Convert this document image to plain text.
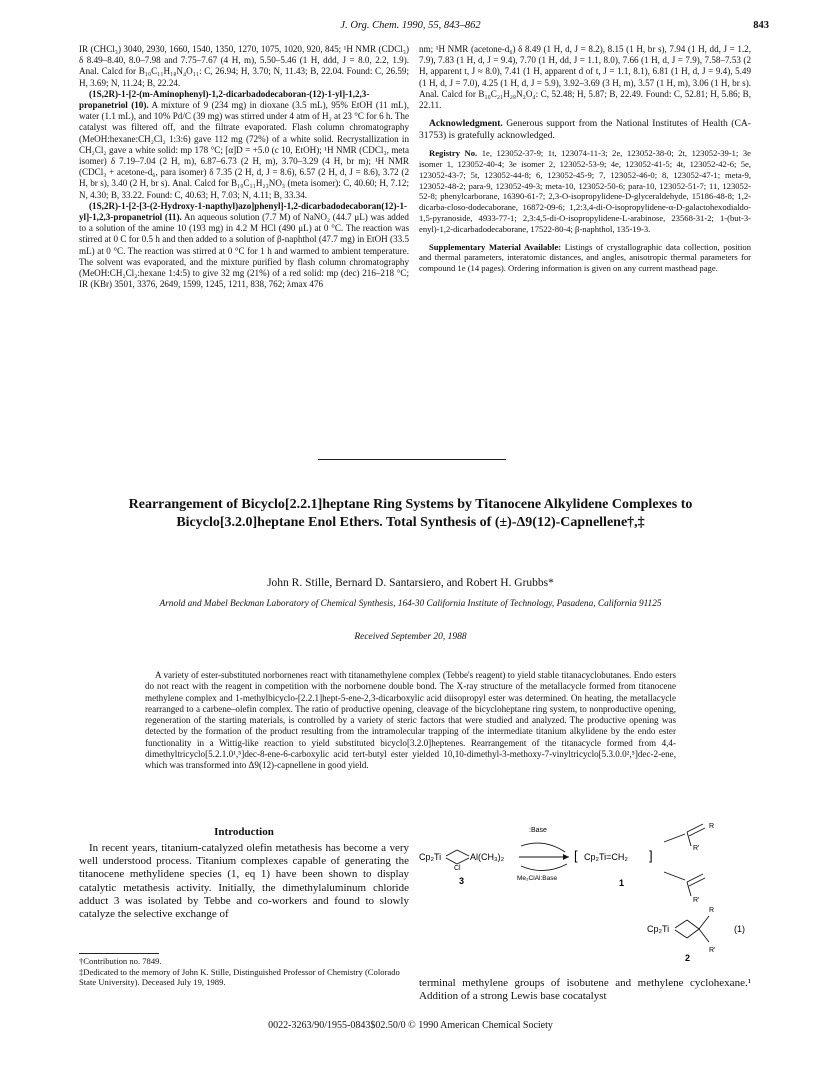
J. Org. Chem. 1990, 55, 843–862	843

IR (CHCl₃) 3040, 2930, 1660, 1540, 1350, 1270, 1075, 1020, 920, 845; ¹H NMR (CDCl₃) δ 8.49–8.40, 8.0–7.98 and 7.75–7.67 (4 H, m), 5.50–5.46 (1 H, ddd, J = 8.0, 2.2, 1.9). Anal. Calcd for B₁₀C₁₁H₁₈N₄O₁₁: C, 26.94; H, 3.70; N, 11.43; B, 22.04. Found: C, 26.59; H, 3.69; N, 11.24; B, 22.24.

(1S,2R)-1-[2-(m-Aminophenyl)-1,2-dicarbadodecaboran-(12)-1-yl]-1,2,3-propanetriol (10). A mixture of 9 (234 mg) in dioxane (3.5 mL), 95% EtOH (11 mL), water (1.1 mL), and 10% Pd/C (39 mg) was stirred under 4 atm of H₂ at 23 °C for 6 h. The catalyst was filtered off, and the filtrate evaporated. Flash column chromatography (MeOH:hexane:CH₂Cl₂ 1:3:6) gave 112 mg (72%) of a white solid. Recrystallization in CH₂Cl₂ gave a white solid: mp 178 °C; [α]D = +5.0 (c 10, EtOH); ¹H NMR (CDCl₃, meta isomer) δ 7.19–7.04 (2 H, m), 6.87–6.73 (2 H, m), 3.70–3.29 (4 H, br m); ¹H NMR (CDCl₃ + acetone-d₆, para isomer) δ 7.35 (2 H, d, J = 8.6), 6.57 (2 H, d, J = 8.6), 3.72 (2 H, br s), 3.40 (2 H, br s). Anal. Calcd for B₁₀C₁₁H₂₃NO₃ (meta isomer): C, 40.60; H, 7.12; N, 4.30; B, 33.22. Found: C, 40.63; H, 7.03; N, 4.11; B, 33.34.

(1S,2R)-1-[2-[3-(2-Hydroxy-1-napthyl)azo]phenyl]-1,2-dicarbadodecaboran(12)-1-yl]-1,2,3-propanetriol (11). An aqueous solution (7.7 M) of NaNO₂ (44.7 μL) was added to a solution of the amine 10 (193 mg) in 4.2 M HCl (490 μL) at 0 °C. The reaction was stirred at 0 C for 0.5 h and then added to a solution of β-naphthol (47.7 mg) in EtOH (33.5 mL) at 0 °C. The reaction was stirred at 0 °C for 1 h and warmed to ambient temperature. The solvent was evaporated, and the mixture purified by flash column chromatography (MeOH:CH₂Cl₂:hexane 1:4:5) to give 32 mg (21%) of a red solid: mp (dec) 216–218 °C; IR (KBr) 3501, 3376, 2649, 1599, 1245, 1211, 838, 762; λmax 476

nm; ¹H NMR (acetone-d₆) δ 8.49 (1 H, d, J = 8.2), 8.15 (1 H, br s), 7.94 (1 H, dd, J = 1.2, 7.9), 7.83 (1 H, d, J = 9.4), 7.70 (1 H, dd, J = 1.1, 8.0), 7.66 (1 H, d, J = 7.9), 7.58–7.53 (2 H, apparent t, J ≈ 8.0), 7.41 (1 H, apparent d of t, J = 1.1, 8.1), 6.81 (1 H, d, J = 9.4), 5.49 (1 H, d, J = 7.0), 4.25 (1 H, d, J = 5.9), 3.92–3.69 (3 H, m), 3.57 (1 H, m), 3.06 (1 H, br s). Anal. Calcd for B₁₀C₂₁H₂₈N₂O₄: C, 52.48; H, 5.87; B, 22.49. Found: C, 52.81; H, 5.86; B, 22.11.

Acknowledgment. Generous support from the National Institutes of Health (CA-31753) is gratefully acknowledged.

Registry No. 1e, 123052-37-9; 1t, 123074-11-3; 2e, 123052-38-0; 2t, 123052-39-1; 3e isomer 1, 123052-40-4; 3e isomer 2, 123052-53-9; 4e, 123052-41-5; 4t, 123052-42-6; 5e, 123052-43-7; 5t, 123052-44-8; 6, 123052-45-9; 7, 123052-46-0; 8, 123052-47-1; meta-9, 123052-48-2; para-9, 123052-49-3; meta-10, 123052-50-6; para-10, 123052-51-7; 11, 123052-52-8; phenylcarborane, 16390-61-7; 2,3-O-isopropylidene-D-glyceraldehyde, 15186-48-8; 1,2-dicarba-closo-dodecaborane, 16872-09-6; 1,2:3,4-di-O-isopropylidene-α-D-galactohexodialdo-1,5-pyranoside, 4933-77-1; 2,3:4,5-di-O-isopropylidene-L-arabinose, 23568-31-2; 1-(but-3-enyl)-1,2-dicarbadodecaborane, 17522-80-4; β-naphthol, 135-19-3.

Supplementary Material Available: Listings of crystallographic data collection, position and thermal parameters, interatomic distances, and angles, anisotropic thermal parameters for compound 1e (14 pages). Ordering information is given on any current masthead page.

Rearrangement of Bicyclo[2.2.1]heptane Ring Systems by Titanocene Alkylidene Complexes to Bicyclo[3.2.0]heptane Enol Ethers. Total Synthesis of (±)-Δ9(12)-Capnellene†,‡
John R. Stille, Bernard D. Santarsiero, and Robert H. Grubbs*
Arnold and Mabel Beckman Laboratory of Chemical Synthesis, 164-30 California Institute of Technology, Pasadena, California 91125
Received September 20, 1988
A variety of ester-substituted norbornenes react with titanamethylene complex (Tebbe's reagent) to yield stable titanacyclobutanes. Endo esters do not react with the reagent in competition with the norbornene double bond. The X-ray structure of the metallacycle formed from titanocene methylene complex and 1-methylbicyclo-[2.2.1]hept-5-ene-2,3-dicarboxylic acid diisopropyl ester was determined. On heating, the metallacycle rearranged to a carbene–olefin complex. The ratio of productive opening, cleavage of the bicycloheptane ring system, to nonproductive opening, regeneration of the starting materials, is controlled by a variety of steric factors that were studied and analyzed. The productive opening was detected by the formation of the product resulting from the intramolecular trapping of the intermediate titanium alkylidene by the endo ester functionality in a Wittig-like reaction to yield substituted bicyclo[3.2.0]heptenes. Rearrangement of the titanacycle formed from 4,4-dimethyltricyclo[5.2.1.0¹,⁵]dec-8-ene-6-carboxylic acid tert-butyl ester yielded 10,10-dimethyl-3-methoxy-7-vinyltricyclo[5.3.0.0²,⁵]dec-2-ene, which was transformed into Δ9(12)-capnellene in good yield.
Introduction
In recent years, titanium-catalyzed olefin metathesis has become a very well understood process. Titanium complexes capable of generating the titanocene methylidene species (1, eq 1) have been shown to display catalytic metathesis activity. Initially, the dimethylaluminum chloride adduct 3 was isolated by Tebbe and co-workers and found to slowly catalyze the selective exchange of

†Contribution no. 7849.

‡Dedicated to the memory of John K. Stille, Distinguished Professor of Chemistry (Colorado State University). Deceased July 19, 1989.

Cp₂Ti
Cl
Al(CH₃)₂
3
:Base
Me₂ClAl:Base
[ Cp₂Ti=CH₂ ]
1
R
R'
R'
Cp₂Ti
R
R'
(1)
2
terminal methylene groups of isobutene and methylene cyclohexane.¹ Addition of a strong Lewis base cocatalyst
0022-3263/90/1955-0843$02.50/0 © 1990 American Chemical Society
